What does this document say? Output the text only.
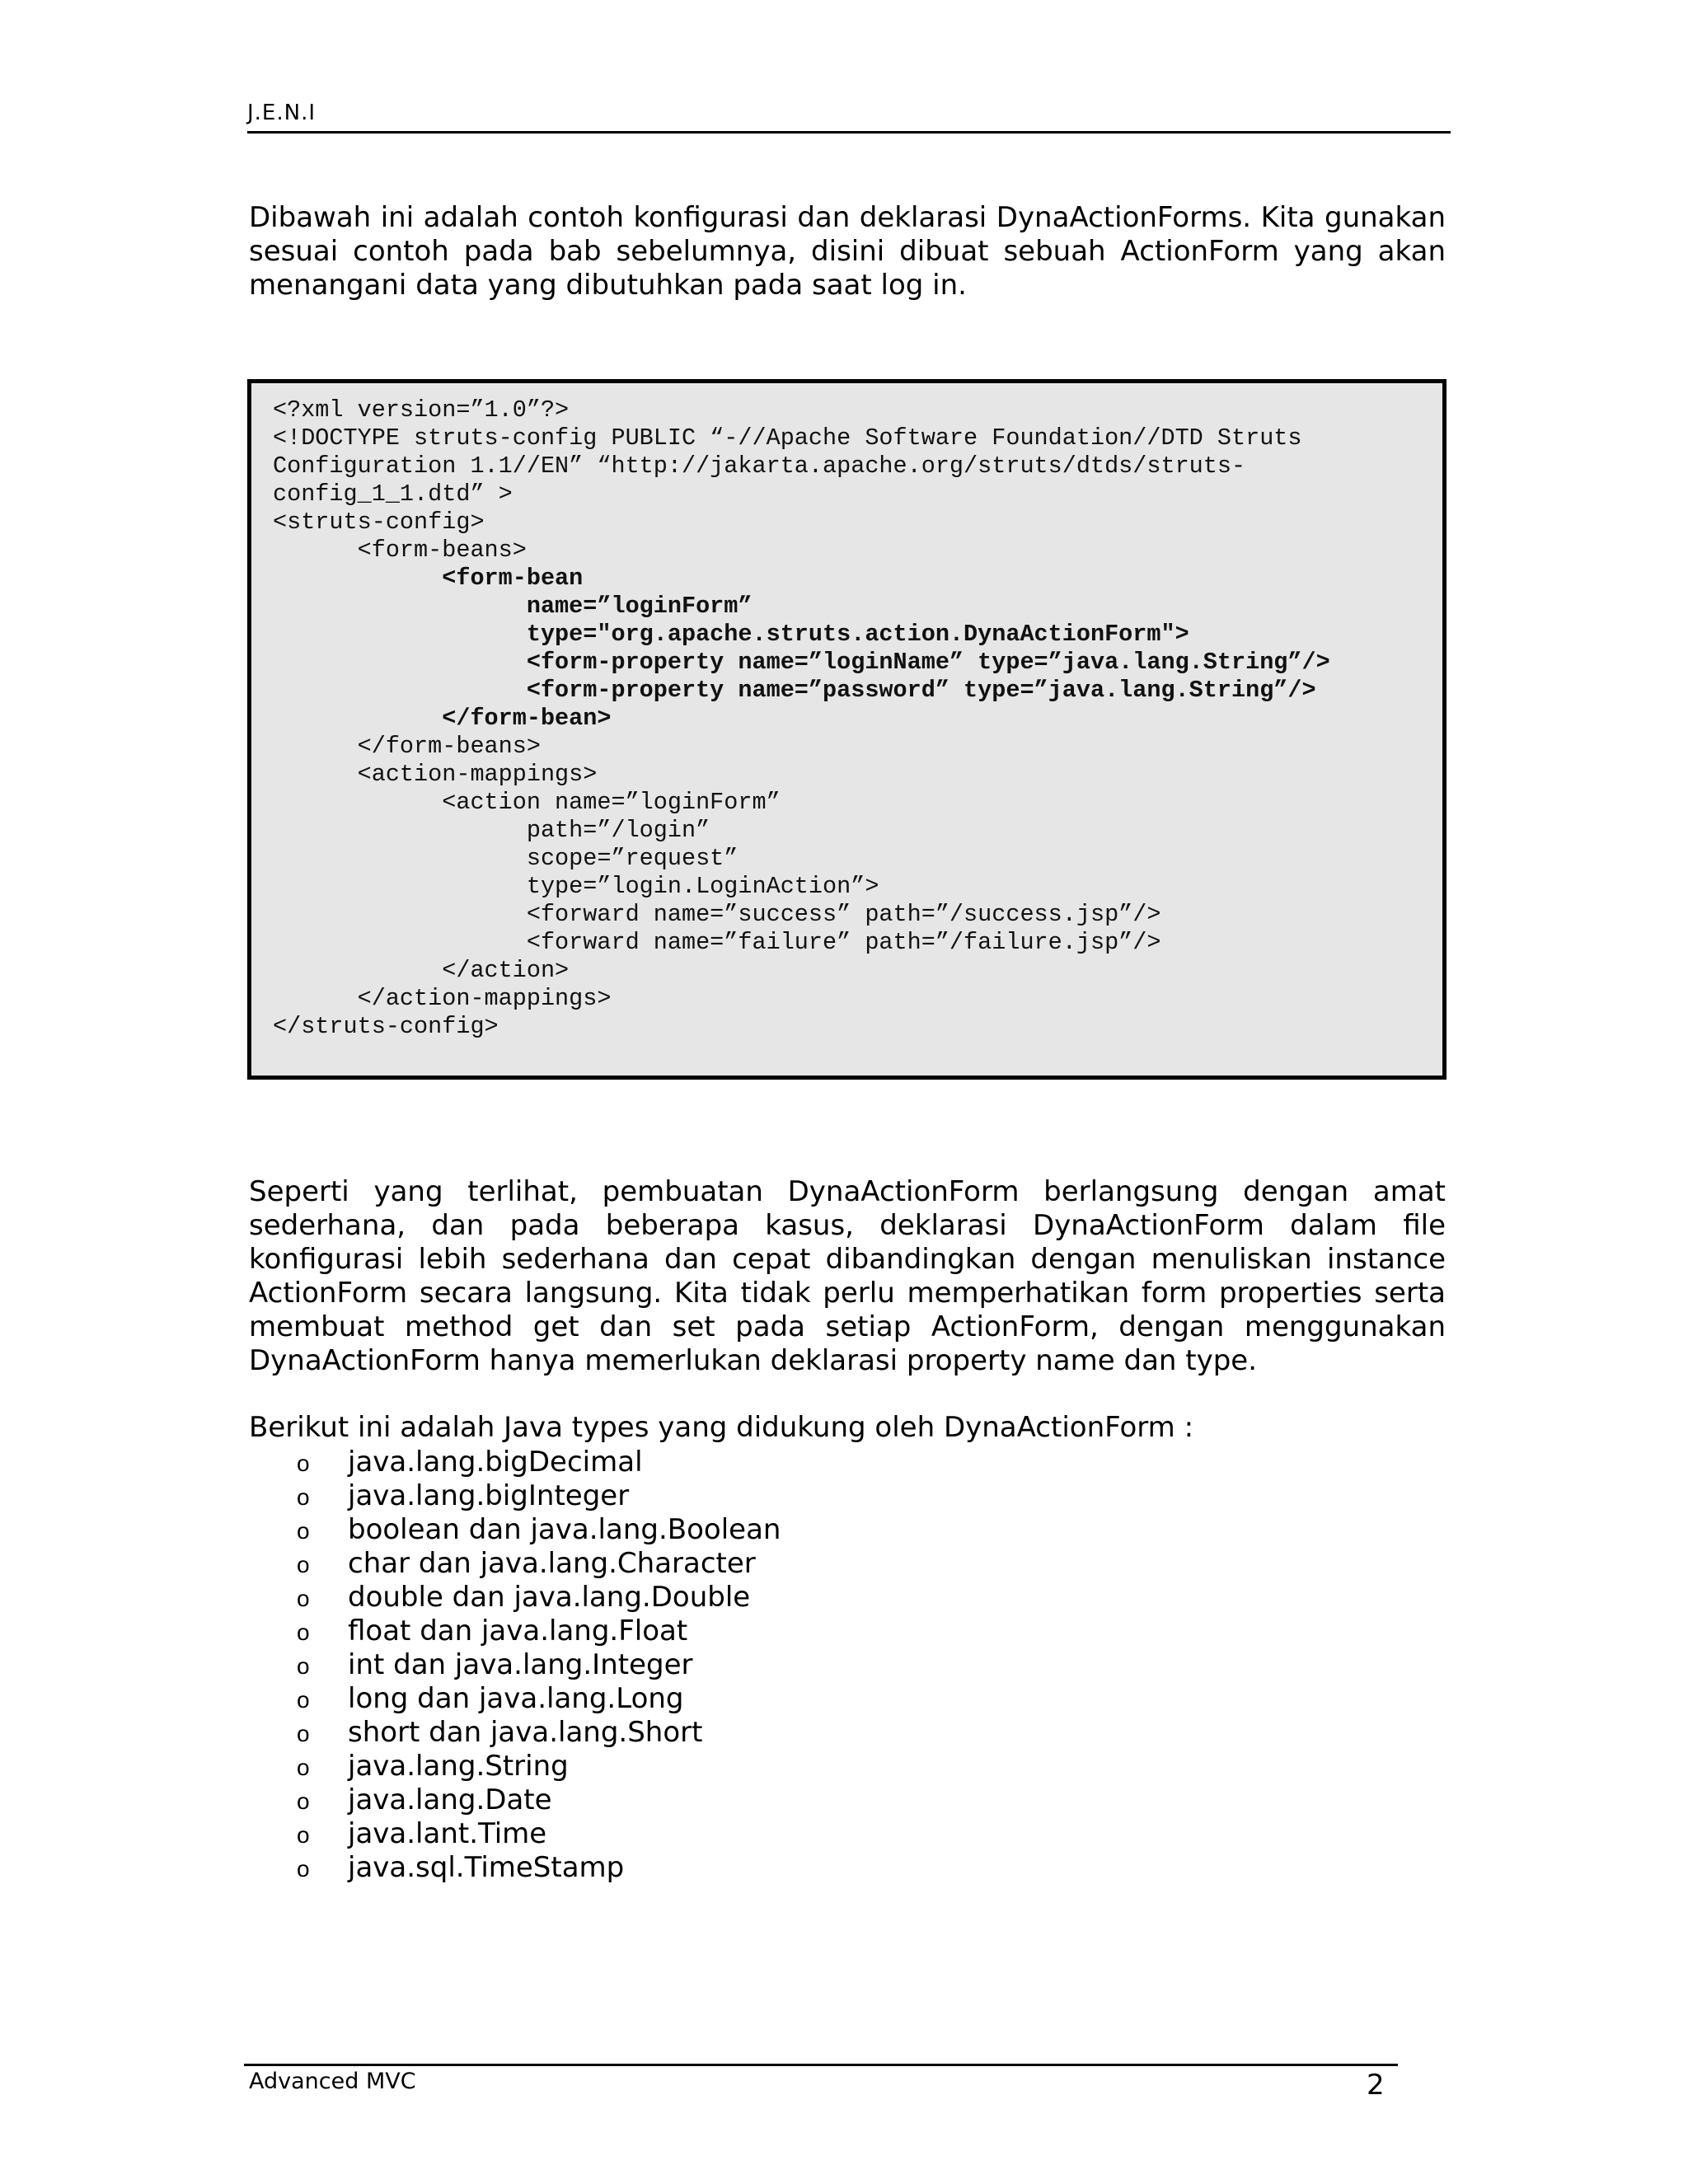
J.E.N.I

Dibawah ini adalah contoh konfigurasi dan deklarasi DynaActionForms. Kita gunakan sesuai contoh pada bab sebelumnya, disini dibuat sebuah ActionForm yang akan menangani data yang dibutuhkan pada saat log in.

<?xml version=”1.0”?>
<!DOCTYPE struts-config PUBLIC “-//Apache Software Foundation//DTD Struts
Configuration 1.1//EN” “http://jakarta.apache.org/struts/dtds/struts-
config_1_1.dtd” >
<struts-config>
<form-beans>
<form-bean
name=”loginForm”
type="org.apache.struts.action.DynaActionForm">
<form-property name=”loginName” type=”java.lang.String”/>
<form-property name=”password” type=”java.lang.String”/>
</form-bean>
</form-beans>
<action-mappings>
<action name=”loginForm”
path=”/login”
scope=”request”
type=”login.LoginAction”>
<forward name=”success” path=”/success.jsp”/>
<forward name=”failure” path=”/failure.jsp”/>
</action>
</action-mappings>
</struts-config>

Seperti yang terlihat, pembuatan DynaActionForm berlangsung dengan amat sederhana, dan pada beberapa kasus, deklarasi DynaActionForm dalam file konfigurasi lebih sederhana dan cepat dibandingkan dengan menuliskan instance ActionForm secara langsung. Kita tidak perlu memperhatikan form properties serta membuat method get dan set pada setiap ActionForm, dengan menggunakan DynaActionForm hanya memerlukan deklarasi property name dan type.

Berikut ini adalah Java types yang didukung oleh DynaActionForm :

o java.lang.bigDecimal
o java.lang.bigInteger
o boolean dan java.lang.Boolean
o char dan java.lang.Character
o double dan java.lang.Double
o float dan java.lang.Float
o int dan java.lang.Integer
o long dan java.lang.Long
o short dan java.lang.Short
o java.lang.String
o java.lang.Date
o java.lant.Time
o java.sql.TimeStamp
Advanced MVC	2
